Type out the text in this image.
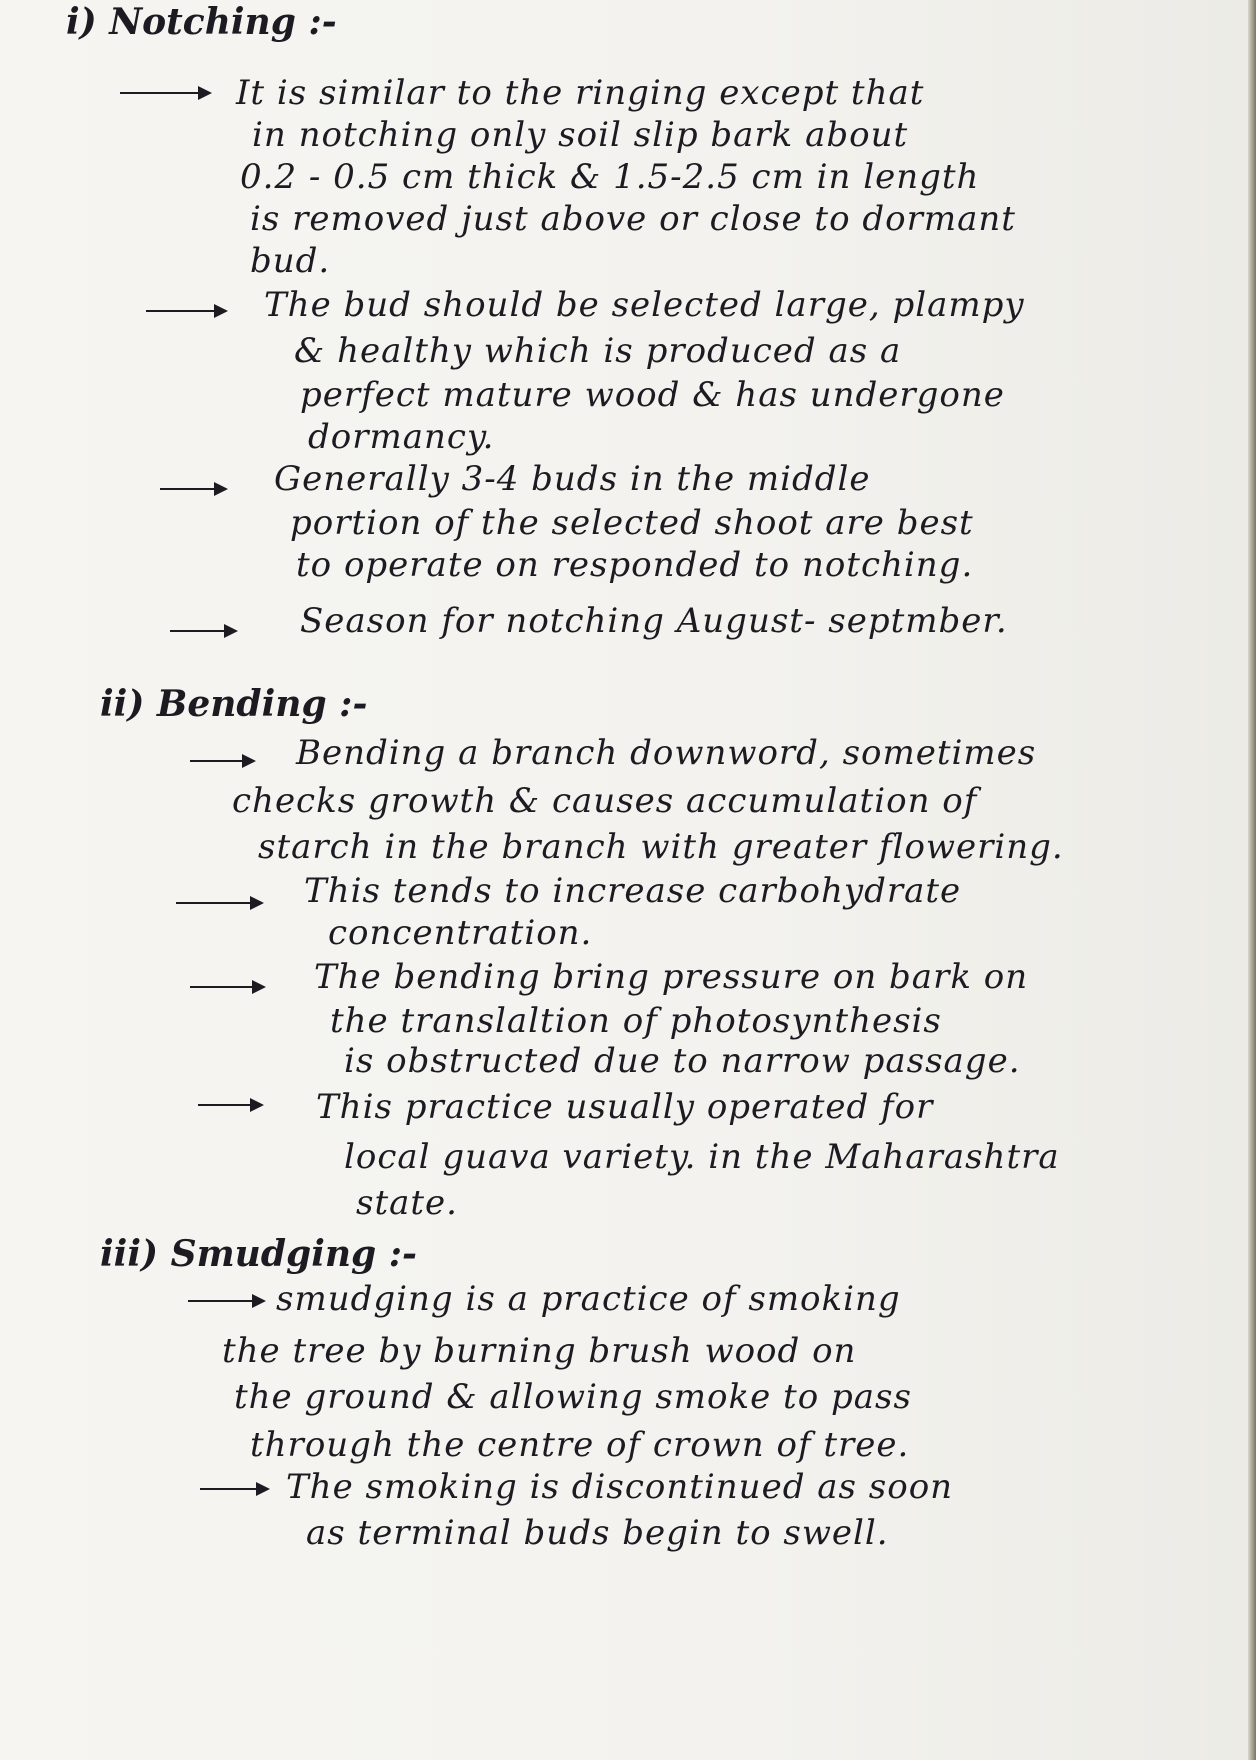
i) Notching :-
It is similar to the ringing except that
in notching only soil slip bark about
0.2 - 0.5 cm thick & 1.5-2.5 cm in length
is removed just above or close to dormant
bud.
The bud should be selected large, plampy
& healthy which is produced as a
perfect mature wood & has undergone
dormancy.
Generally 3-4 buds in the middle
portion of the selected shoot are best
to operate on responded to notching.
Season for notching August- septmber.
ii) Bending :-
Bending a branch downword, sometimes
checks growth & causes accumulation of
starch in the branch with greater flowering.
This tends to increase carbohydrate
concentration.
The bending bring pressure on bark on
the translaltion of photosynthesis
is obstructed due to narrow passage.
This practice usually operated for
local guava variety. in the Maharashtra
state.
iii) Smudging :-
smudging is a practice of smoking
the tree by burning brush wood on
the ground & allowing smoke to pass
through the centre of crown of tree.
The smoking is discontinued as soon
as terminal buds begin to swell.
